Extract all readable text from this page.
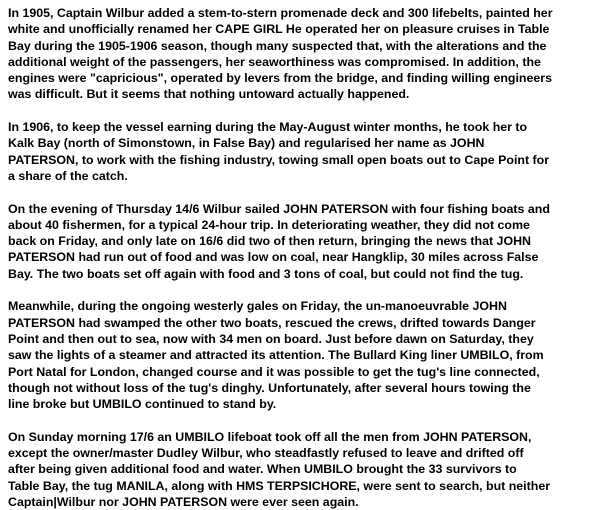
In 1905, Captain Wilbur added a stem-to-stern promenade deck and 300 lifebelts, painted her
white and unofficially renamed her CAPE GIRL He operated her on pleasure cruises in Table
Bay during the 1905-1906 season, though many suspected that, with the alterations and the
additional weight of the passengers, her seaworthiness was compromised. In addition, the
engines were "capricious", operated by levers from the bridge, and finding willing engineers
was difficult. But it seems that nothing untoward actually happened.

In 1906, to keep the vessel earning during the May-August winter months, he took her to
Kalk Bay (north of Simonstown, in False Bay) and regularised her name as JOHN
PATERSON, to work with the fishing industry, towing small open boats out to Cape Point for
a share of the catch.

On the evening of Thursday 14/6 Wilbur sailed JOHN PATERSON with four fishing boats and
about 40 fishermen, for a typical 24-hour trip. In deteriorating weather, they did not come
back on Friday, and only late on 16/6 did two of then return, bringing the news that JOHN
PATERSON had run out of food and was low on coal, near Hangklip, 30 miles across False
Bay. The two boats set off again with food and 3 tons of coal, but could not find the tug.

Meanwhile, during the ongoing westerly gales on Friday, the un-manoeuvrable JOHN
PATERSON had swamped the other two boats, rescued the crews, drifted towards Danger
Point and then out to sea, now with 34 men on board. Just before dawn on Saturday, they
saw the lights of a steamer and attracted its attention. The Bullard King liner UMBILO, from
Port Natal for London, changed course and it was possible to get the tug's line connected,
though not without loss of the tug's dinghy. Unfortunately, after several hours towing the
line broke but UMBILO continued to stand by.

On Sunday morning 17/6 an UMBILO lifeboat took off all the men from JOHN PATERSON,
except the owner/master Dudley Wilbur, who steadfastly refused to leave and drifted off
after being given additional food and water. When UMBILO brought the 33 survivors to
Table Bay, the tug MANILA, along with HMS TERPSICHORE, were sent to search, but neither
Captain|Wilbur nor JOHN PATERSON were ever seen again.
